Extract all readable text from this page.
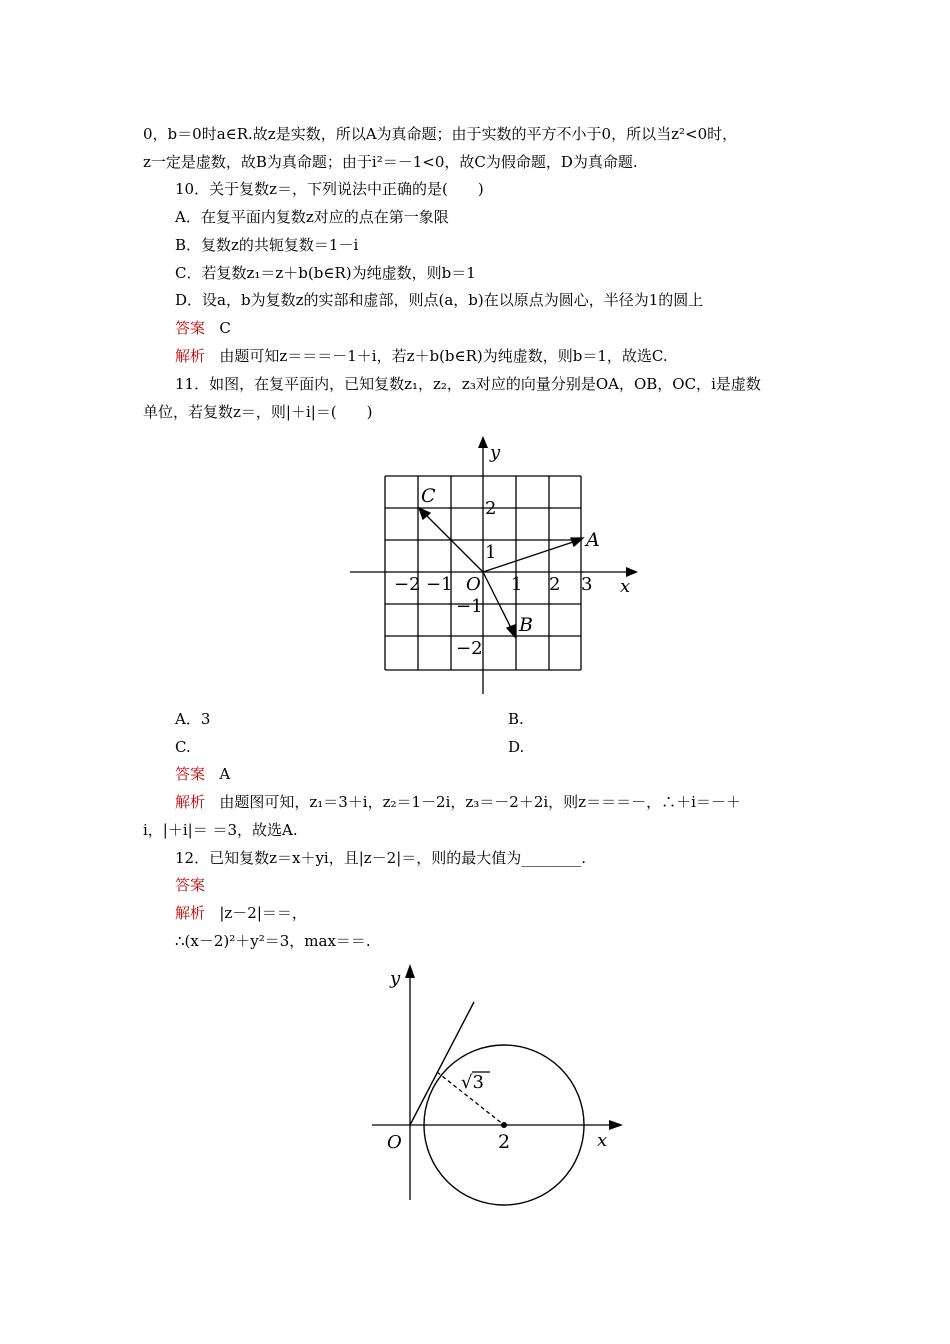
0，b＝0时a∈R.故z是实数，所以A为真命题；由于实数的平方不小于0，所以当z²<0时，
z一定是虚数，故B为真命题；由于i²＝－1<0，故C为假命题，D为真命题.
10．关于复数z＝，下列说法中正确的是(　　)
A．在复平面内复数z对应的点在第一象限
B．复数z的共轭复数＝1－i
C．若复数z₁＝z＋b(b∈R)为纯虚数，则b＝1
D．设a，b为复数z的实部和虚部，则点(a，b)在以原点为圆心，半径为1的圆上
答案 C
解析 由题可知z＝＝＝－1＋i，若z＋b(b∈R)为纯虚数，则b＝1，故选C.
11．如图，在复平面内，已知复数z₁，z₂，z₃对应的向量分别是OA，OB，OC，i是虚数
单位，若复数z＝，则|＋i|＝(　　)
x
y
O
−2 −1	1 2 3
2
1
−1
−2
A
B
C
A．3	B.
C.	D.
答案 A
解析 由题图可知，z₁＝3＋i，z₂＝1－2i，z₃＝－2＋2i，则z＝＝＝－，∴＋i＝－＋
i，|＋i|＝ ＝3，故选A.
12．已知复数z＝x＋yi，且|z－2|＝，则的最大值为________.
答案
解析 |z－2|＝＝，
∴(x－2)²＋y²＝3，max＝＝.
x
y
O	2
√3
